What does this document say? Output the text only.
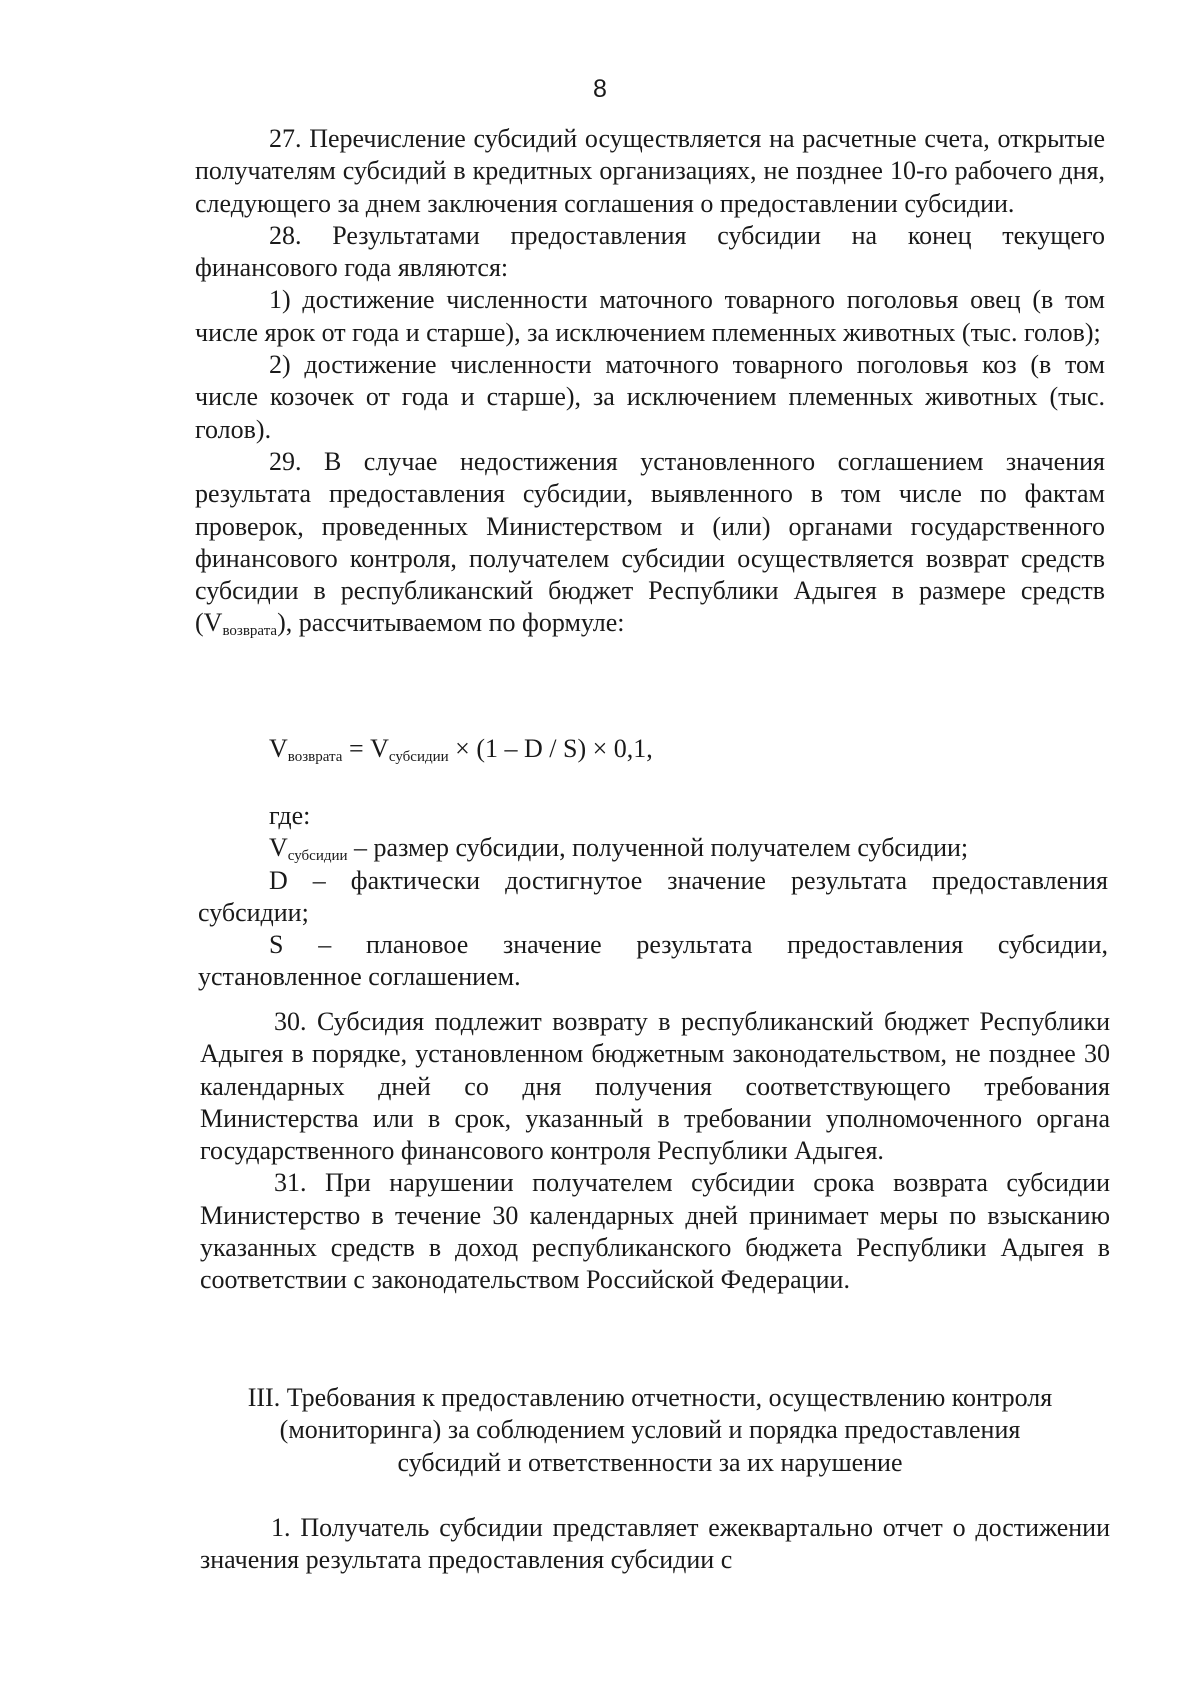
8

27. Перечисление субсидий осуществляется на расчетные счета, открытые получателям субсидий в кредитных организациях, не позднее 10-го рабочего дня, следующего за днем заключения соглашения о предоставлении субсидии.

28. Результатами предоставления субсидии на конец текущего финансового года являются:

1) достижение численности маточного товарного поголовья овец (в том числе ярок от года и старше), за исключением племенных животных (тыс. голов);

2) достижение численности маточного товарного поголовья коз (в том числе козочек от года и старше), за исключением племенных животных (тыс. голов).

29. В случае недостижения установленного соглашением значения результата предоставления субсидии, выявленного в том числе по фактам проверок, проведенных Министерством и (или) органами государственного финансового контроля, получателем субсидии осуществляется возврат средств субсидии в республиканский бюджет Республики Адыгея в размере средств $(V_{возврата})$, рассчитываемом по формуле:

$V_{возврата} = V_{субсидии} \times (1 - D / S) \times 0,1$,

где:

$V_{субсидии}$ – размер субсидии, полученной получателем субсидии;

D – фактически достигнутое значение результата предоставления субсидии;

S – плановое значение результата предоставления субсидии, установленное соглашением.

30. Субсидия подлежит возврату в республиканский бюджет Республики Адыгея в порядке, установленном бюджетным законодательством, не позднее 30 календарных дней со дня получения соответствующего требования Министерства или в срок, указанный в требовании уполномоченного органа государственного финансового контроля Республики Адыгея.

31. При нарушении получателем субсидии срока возврата субсидии Министерство в течение 30 календарных дней принимает меры по взысканию указанных средств в доход республиканского бюджета Республики Адыгея в соответствии с законодательством Российской Федерации.

III. Требования к предоставлению отчетности, осуществлению контроля
(мониторинга) за соблюдением условий и порядка предоставления
субсидий и ответственности за их нарушение

1. Получатель субсидии представляет ежеквартально отчет о достижении значения результата предоставления субсидии с
